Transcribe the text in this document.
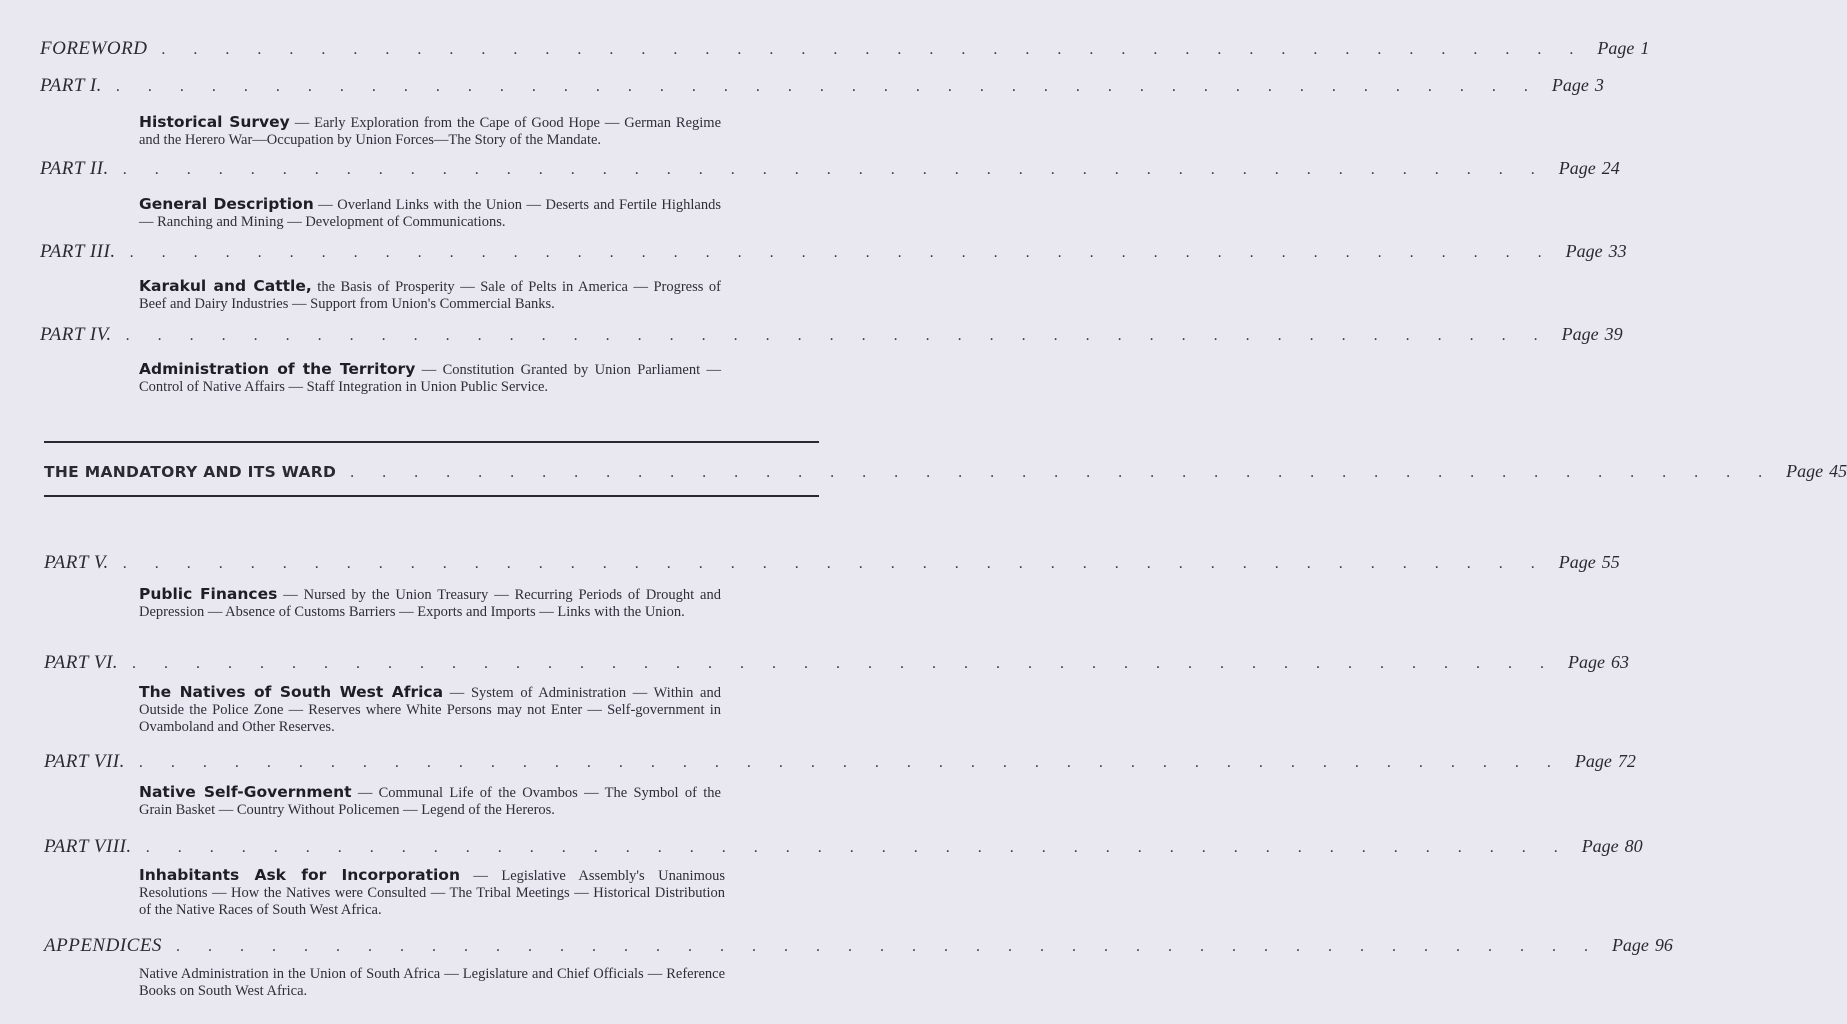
FOREWORD . . . . . . . . . . . . . . . . . . . . . . . . . . . . . . . . . . . . . . . . . . . . . Page 1
PART I. . . . . . . . . . . . . . . . . . . . . . . . . . . . . . . . . . . . . . . . . . . . . . Page 3
Historical Survey — Early Exploration from the Cape of Good Hope — German Regime and the Herero War—Occupation by Union Forces—The Story of the Mandate.
PART II. . . . . . . . . . . . . . . . . . . . . . . . . . . . . . . . . . . . . . . . . . . . . . Page 24
General Description — Overland Links with the Union — Deserts and Fertile Highlands — Ranching and Mining — Development of Communications.
PART III. . . . . . . . . . . . . . . . . . . . . . . . . . . . . . . . . . . . . . . . . . . . . . Page 33
Karakul and Cattle, the Basis of Prosperity — Sale of Pelts in America — Progress of Beef and Dairy Industries — Support from Union's Commercial Banks.
PART IV. . . . . . . . . . . . . . . . . . . . . . . . . . . . . . . . . . . . . . . . . . . . . . Page 39
Administration of the Territory — Constitution Granted by Union Parliament — Control of Native Affairs — Staff Integration in Union Public Service.
THE MANDATORY AND ITS WARD . . . . . . . . . . . . . . . . . . . . . . . . . . . . . . . . . . . . . . . . . . . . . Page 45
PART V. . . . . . . . . . . . . . . . . . . . . . . . . . . . . . . . . . . . . . . . . . . . . . Page 55
Public Finances — Nursed by the Union Treasury — Recurring Periods of Drought and Depression — Absence of Customs Barriers — Exports and Imports — Links with the Union.
PART VI. . . . . . . . . . . . . . . . . . . . . . . . . . . . . . . . . . . . . . . . . . . . . . Page 63
The Natives of South West Africa — System of Administration — Within and Outside the Police Zone — Reserves where White Persons may not Enter — Self-government in Ovamboland and Other Reserves.
PART VII. . . . . . . . . . . . . . . . . . . . . . . . . . . . . . . . . . . . . . . . . . . . . . Page 72
Native Self-Government — Communal Life of the Ovambos — The Symbol of the Grain Basket — Country Without Policemen — Legend of the Hereros.
PART VIII. . . . . . . . . . . . . . . . . . . . . . . . . . . . . . . . . . . . . . . . . . . . . . Page 80
Inhabitants Ask for Incorporation — Legislative Assembly's Unanimous Resolutions — How the Natives were Consulted — The Tribal Meetings — Historical Distribution of the Native Races of South West Africa.
APPENDICES . . . . . . . . . . . . . . . . . . . . . . . . . . . . . . . . . . . . . . . . . . . . . Page 96
Native Administration in the Union of South Africa — Legislature and Chief Officials — Reference Books on South West Africa.
